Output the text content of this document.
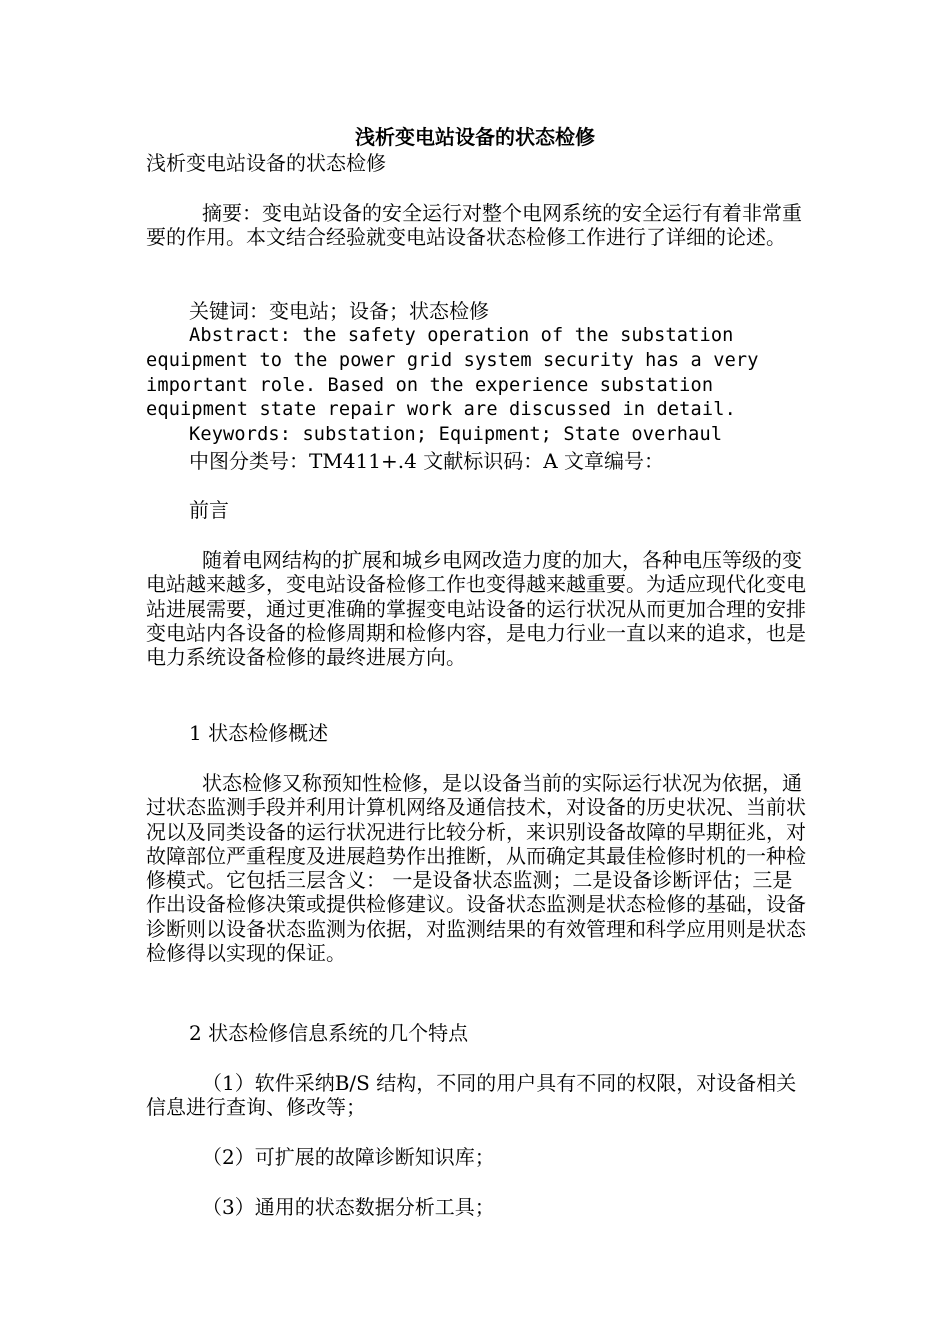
浅析变电站设备的状态检修
浅析变电站设备的状态检修
摘要：变电站设备的安全运行对整个电网系统的安全运行有着非常重要的作用。本文结合经验就变电站设备状态检修工作进行了详细的论述。
关键词：变电站；设备；状态检修
Abstract: the safety operation of the substation
equipment to the power grid system security has a very
important role. Based on the experience substation
equipment state repair work are discussed in detail.
Keywords: substation; Equipment; State overhaul
中图分类号：TM411+.4 文献标识码：A 文章编号：
前言
随着电网结构的扩展和城乡电网改造力度的加大，各种电压等级的变电站越来越多，变电站设备检修工作也变得越来越重要。为适应现代化变电站进展需要，通过更准确的掌握变电站设备的运行状况从而更加合理的安排变电站内各设备的检修周期和检修内容，是电力行业一直以来的追求，也是电力系统设备检修的最终进展方向。
1 状态检修概述
状态检修又称预知性检修，是以设备当前的实际运行状况为依据，通过状态监测手段并利用计算机网络及通信技术，对设备的历史状况、当前状况以及同类设备的运行状况进行比较分析，来识别设备故障的早期征兆，对故障部位严重程度及进展趋势作出推断，从而确定其最佳检修时机的一种检修模式。它包括三层含义： 一是设备状态监测；二是设备诊断评估；三是作出设备检修决策或提供检修建议。设备状态监测是状态检修的基础，设备诊断则以设备状态监测为依据，对监测结果的有效管理和科学应用则是状态检修得以实现的保证。
2 状态检修信息系统的几个特点
（1）软件采纳B/S 结构，不同的用户具有不同的权限，对设备相关信息进行查询、修改等；
（2）可扩展的故障诊断知识库；
（3）通用的状态数据分析工具；
